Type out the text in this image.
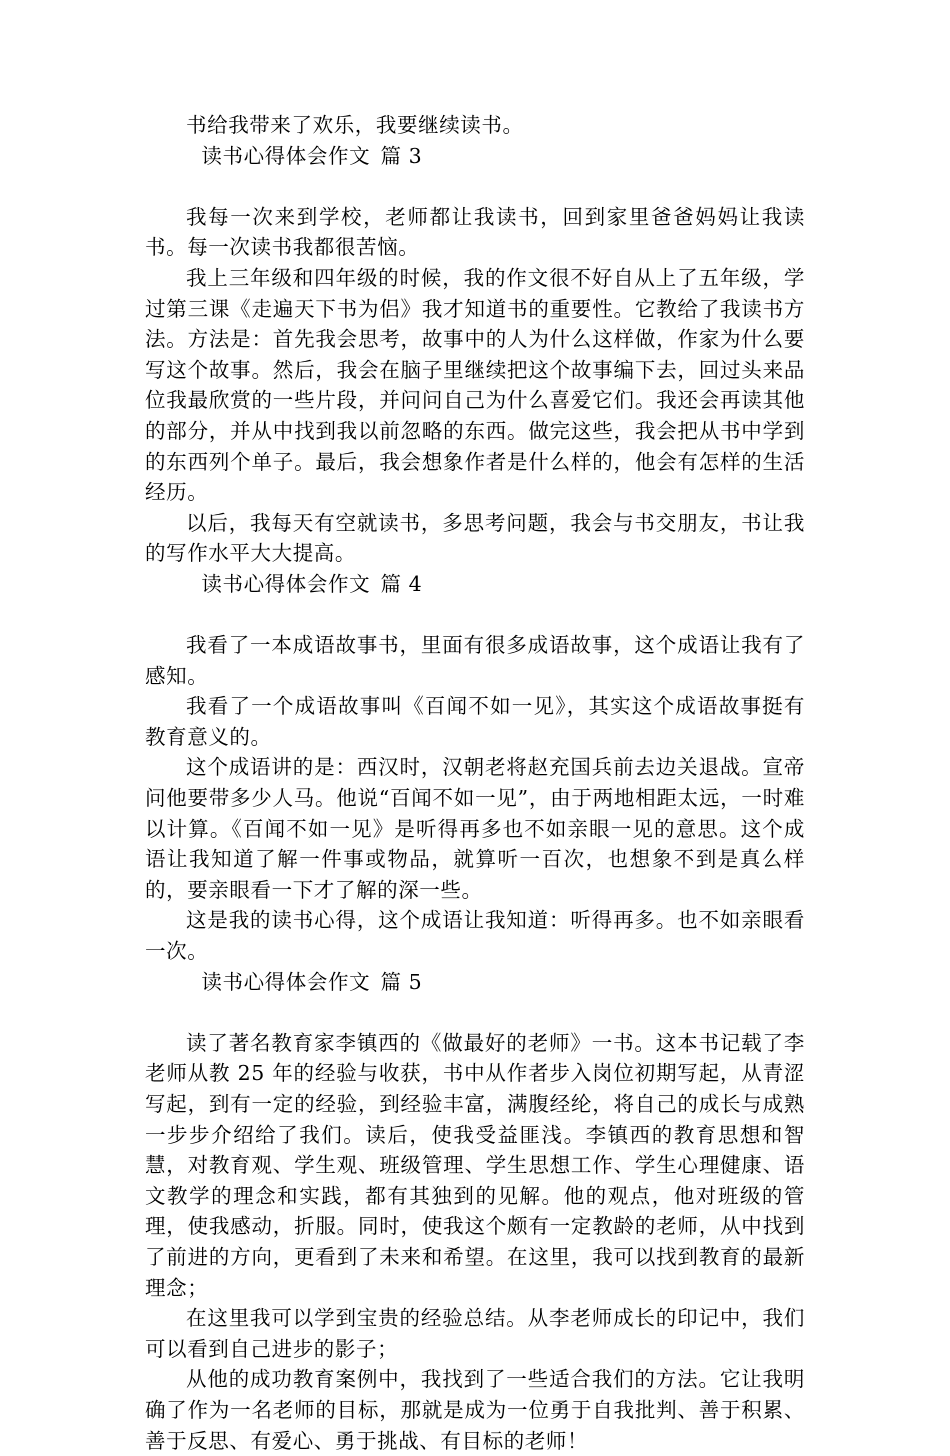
书给我带来了欢乐，我要继续读书。

读书心得体会作文 篇 3

我每一次来到学校，老师都让我读书，回到家里爸爸妈妈让我读书。每一次读书我都很苦恼。

我上三年级和四年级的时候，我的作文很不好自从上了五年级，学过第三课《走遍天下书为侣》我才知道书的重要性。它教给了我读书方法。方法是：首先我会思考，故事中的人为什么这样做，作家为什么要写这个故事。然后，我会在脑子里继续把这个故事编下去，回过头来品位我最欣赏的一些片段，并问问自己为什么喜爱它们。我还会再读其他的部分，并从中找到我以前忽略的东西。做完这些，我会把从书中学到的东西列个单子。最后，我会想象作者是什么样的，他会有怎样的生活经历。

以后，我每天有空就读书，多思考问题，我会与书交朋友，书让我的写作水平大大提高。

读书心得体会作文 篇 4

我看了一本成语故事书，里面有很多成语故事，这个成语让我有了感知。

我看了一个成语故事叫《百闻不如一见》，其实这个成语故事挺有教育意义的。

这个成语讲的是：西汉时，汉朝老将赵充国兵前去边关退战。宣帝问他要带多少人马。他说“百闻不如一见”，由于两地相距太远，一时难以计算。《百闻不如一见》是听得再多也不如亲眼一见的意思。这个成语让我知道了解一件事或物品，就算听一百次，也想象不到是真么样的，要亲眼看一下才了解的深一些。

这是我的读书心得，这个成语让我知道：听得再多。也不如亲眼看一次。

读书心得体会作文 篇 5

读了著名教育家李镇西的《做最好的老师》一书。这本书记载了李老师从教 25 年的经验与收获，书中从作者步入岗位初期写起，从青涩写起，到有一定的经验，到经验丰富，满腹经纶，将自己的成长与成熟一步步介绍给了我们。读后，使我受益匪浅。李镇西的教育思想和智慧，对教育观、学生观、班级管理、学生思想工作、学生心理健康、语文教学的理念和实践，都有其独到的见解。他的观点，他对班级的管理，使我感动，折服。同时，使我这个颇有一定教龄的老师，从中找到了前进的方向，更看到了未来和希望。在这里，我可以找到教育的最新理念；

在这里我可以学到宝贵的经验总结。从李老师成长的印记中，我们可以看到自己进步的影子；

从他的成功教育案例中，我找到了一些适合我们的方法。它让我明确了作为一名老师的目标，那就是成为一位勇于自我批判、善于积累、善于反思、有爱心、勇于挑战、有目标的老师！
